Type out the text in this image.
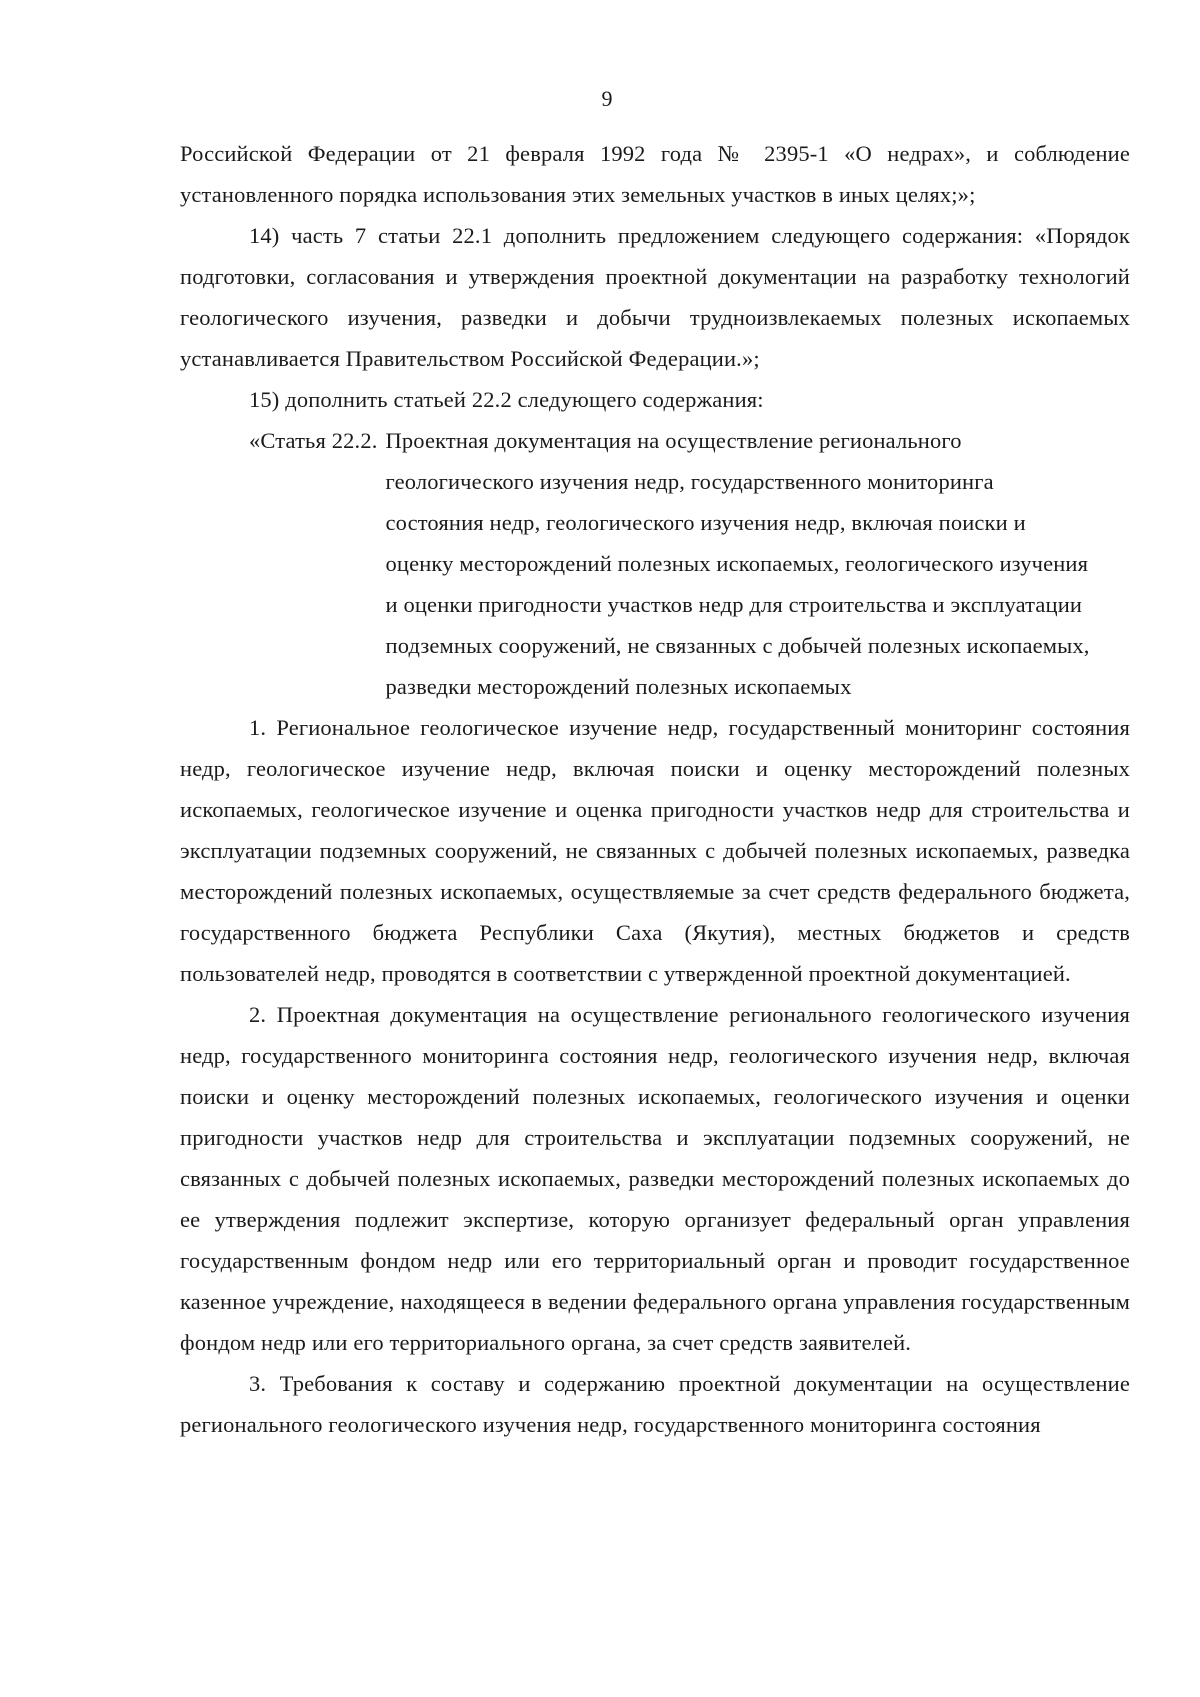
9

Российской Федерации от 21 февраля 1992 года № 2395-1 «О недрах», и соблюдение установленного порядка использования этих земельных участков в иных целях;»;

14) часть 7 статьи 22.1 дополнить предложением следующего содержания: «Порядок подготовки, согласования и утверждения проектной документации на разработку технологий геологического изучения, разведки и добычи трудноизвлекаемых полезных ископаемых устанавливается Правительством Российской Федерации.»;

15) дополнить статьей 22.2 следующего содержания:

«Статья 22.2. Проектная документация на осуществление регионального
геологического изучения недр, государственного мониторинга состояния недр, геологического изучения недр, включая поиски и оценку месторождений полезных ископаемых, геологического изучения и оценки пригодности участков недр для строительства и эксплуатации подземных сооружений, не связанных с добычей полезных ископаемых, разведки месторождений полезных ископаемых

1. Региональное геологическое изучение недр, государственный мониторинг состояния недр, геологическое изучение недр, включая поиски и оценку месторождений полезных ископаемых, геологическое изучение и оценка пригодности участков недр для строительства и эксплуатации подземных сооружений, не связанных с добычей полезных ископаемых, разведка месторождений полезных ископаемых, осуществляемые за счет средств федерального бюджета, государственного бюджета Республики Саха (Якутия), местных бюджетов и средств пользователей недр, проводятся в соответствии с утвержденной проектной документацией.

2. Проектная документация на осуществление регионального геологического изучения недр, государственного мониторинга состояния недр, геологического изучения недр, включая поиски и оценку месторождений полезных ископаемых, геологического изучения и оценки пригодности участков недр для строительства и эксплуатации подземных сооружений, не связанных с добычей полезных ископаемых, разведки месторождений полезных ископаемых до ее утверждения подлежит экспертизе, которую организует федеральный орган управления государственным фондом недр или его территориальный орган и проводит государственное казенное учреждение, находящееся в ведении федерального органа управления государственным фондом недр или его территориального органа, за счет средств заявителей.

3. Требования к составу и содержанию проектной документации на осуществление регионального геологического изучения недр, государственного мониторинга состояния
